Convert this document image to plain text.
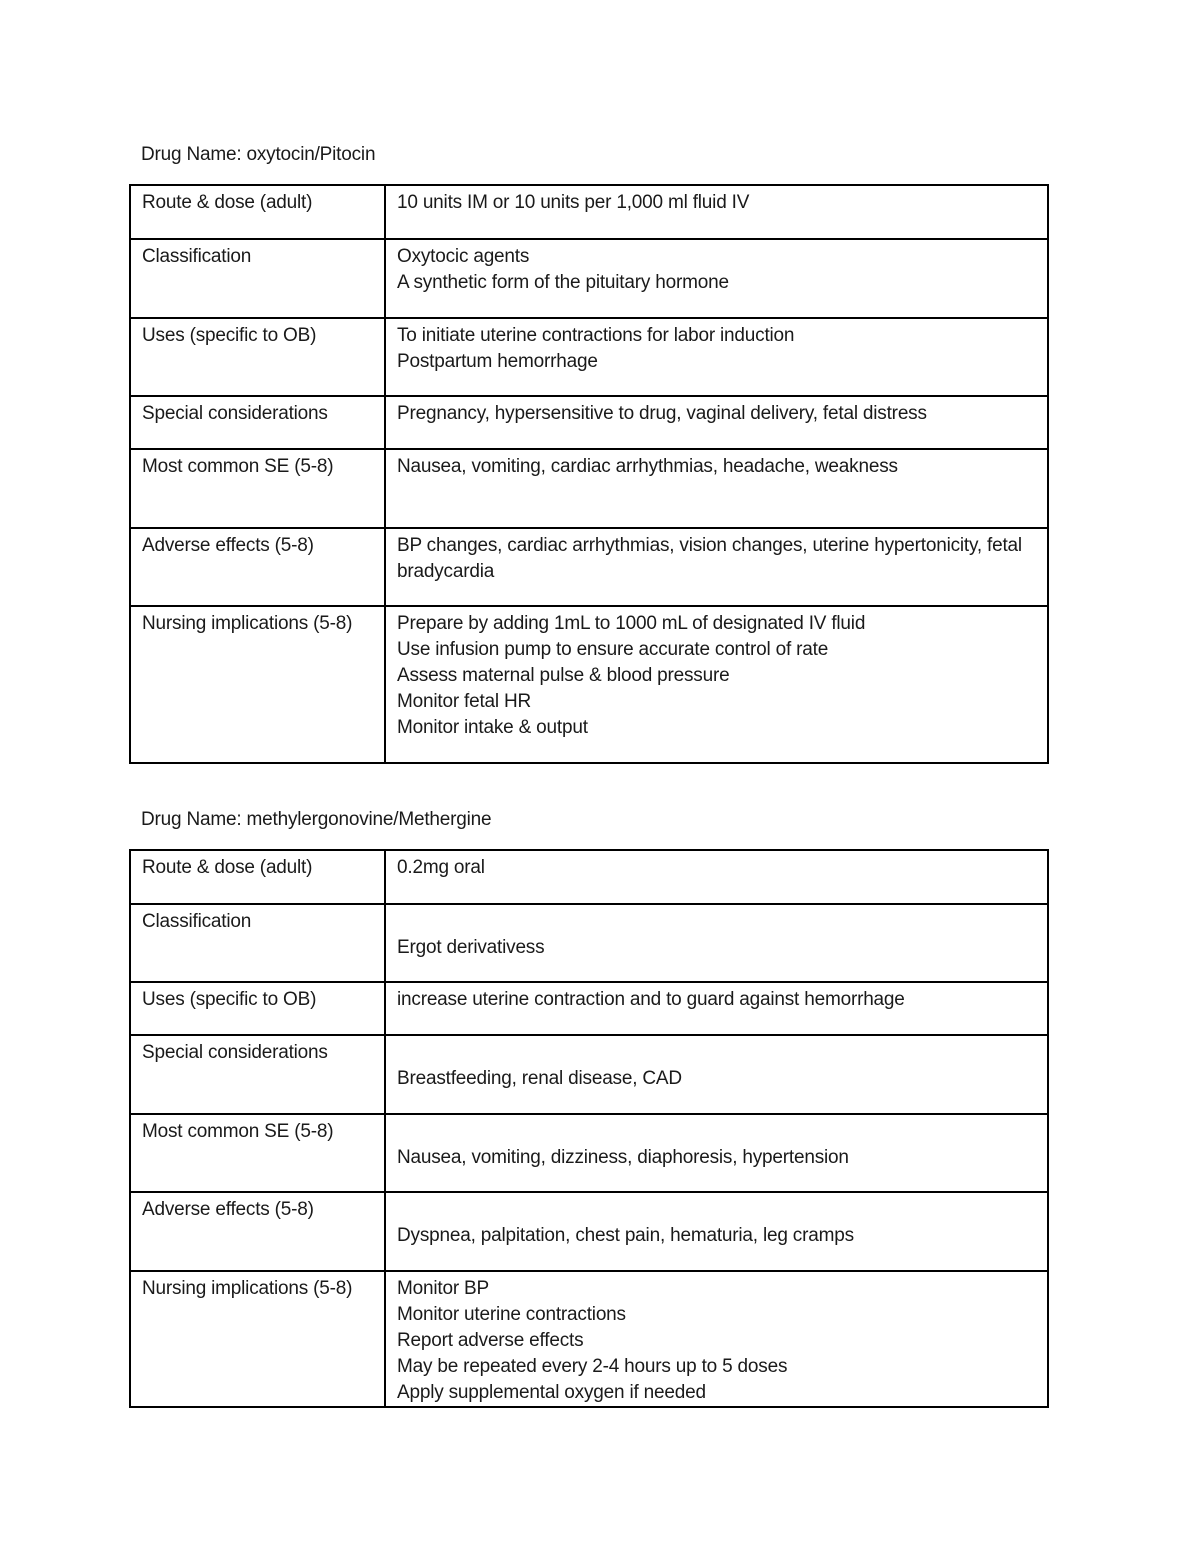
Drug Name: oxytocin/Pitocin
Route & dose (adult)	10 units IM or 10 units per 1,000 ml fluid IV

Classification	Oxytocic agents
A synthetic form of the pituitary hormone

Uses (specific to OB)	To initiate uterine contractions for labor induction
Postpartum hemorrhage

Special considerations	Pregnancy, hypersensitive to drug, vaginal delivery, fetal distress

Most common SE (5-8)	Nausea, vomiting, cardiac arrhythmias, headache, weakness

Adverse effects (5-8)	BP changes, cardiac arrhythmias, vision changes, uterine hypertonicity, fetal bradycardia

Nursing implications (5-8)	Prepare by adding 1mL to 1000 mL of designated IV fluid
Use infusion pump to ensure accurate control of rate
Assess maternal pulse & blood pressure
Monitor fetal HR
Monitor intake & output
Drug Name: methylergonovine/Methergine
Route & dose (adult)	0.2mg oral

Classification	Ergot derivativess

Uses (specific to OB)	increase uterine contraction and to guard against hemorrhage

Special considerations	Breastfeeding, renal disease, CAD

Most common SE (5-8)	Nausea, vomiting, dizziness, diaphoresis, hypertension

Adverse effects (5-8)	Dyspnea, palpitation, chest pain, hematuria, leg cramps

Nursing implications (5-8)	Monitor BP
Monitor uterine contractions
Report adverse effects
May be repeated every 2-4 hours up to 5 doses
Apply supplemental oxygen if needed
